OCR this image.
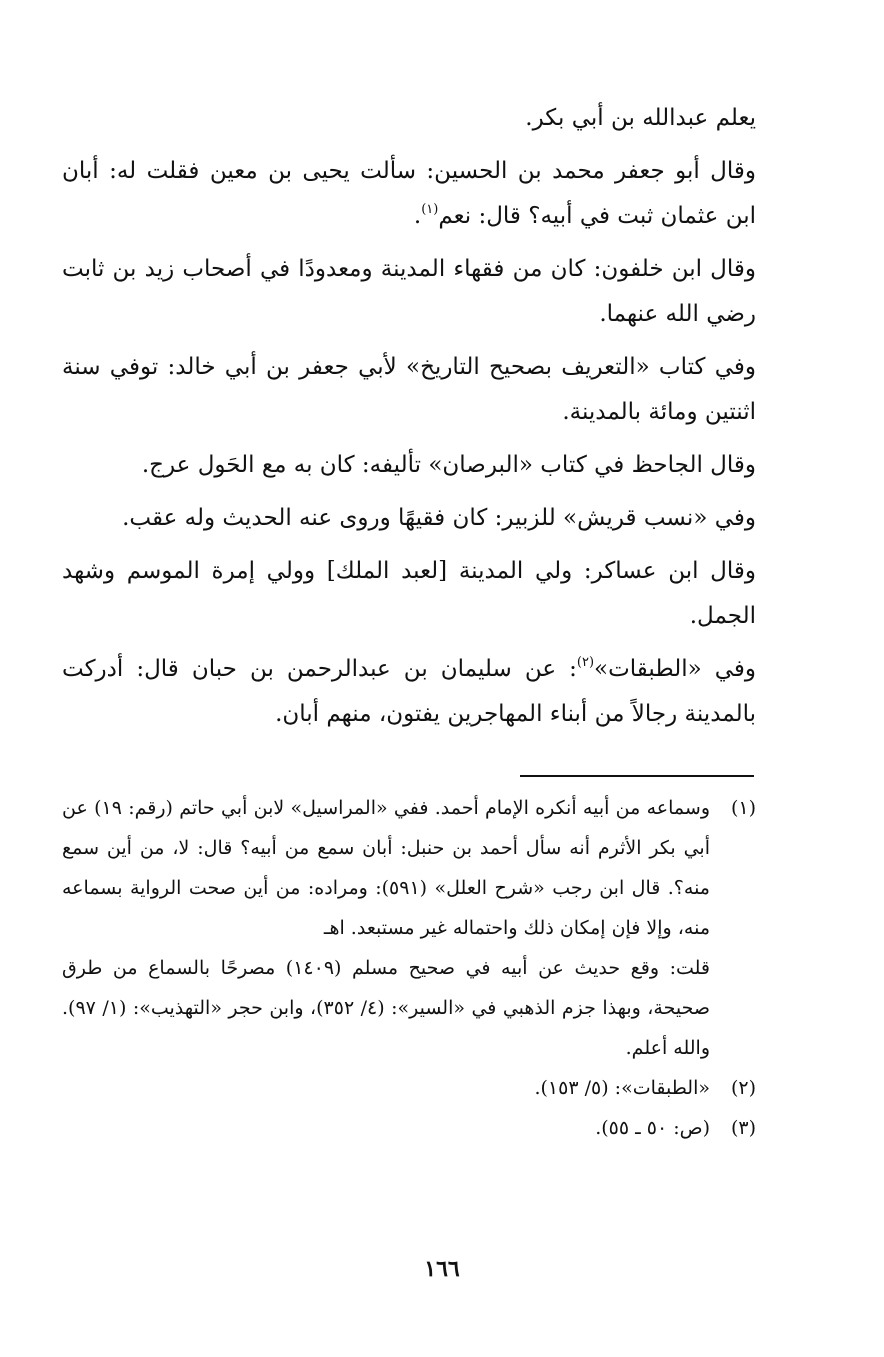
يعلم عبدالله بن أبي بكر.

وقال أبو جعفر محمد بن الحسين: سألت يحيى بن معين فقلت له: أبان ابن عثمان ثبت في أبيه؟ قال: نعم$^{(١)}$.

وقال ابن خلفون: كان من فقهاء المدينة ومعدودًا في أصحاب زيد بن ثابت رضي الله عنهما.

وفي كتاب «التعريف بصحيح التاريخ» لأبي جعفر بن أبي خالد: توفي سنة اثنتين ومائة بالمدينة.

وقال الجاحظ في كتاب «البرصان» تأليفه: كان به مع الحَول عرج.

وفي «نسب قريش» للزبير: كان فقيهًا وروى عنه الحديث وله عقب.

وقال ابن عساكر: ولي المدينة [لعبد الملك] وولي إمرة الموسم وشهد الجمل.

وفي «الطبقات»$^{(٢)}$: عن سليمان بن عبدالرحمن بن حبان قال: أدركت بالمدينة رجالاً من أبناء المهاجرين يفتون، منهم أبان.

(١)
وسماعه من أبيه أنكره الإمام أحمد. ففي «المراسيل» لابن أبي حاتم (رقم: ١٩) عن أبي بكر الأثرم أنه سأل أحمد بن حنبل: أبان سمع من أبيه؟ قال: لا، من أين سمع منه؟. قال ابن رجب «شرح العلل» (٥٩١): ومراده: من أين صحت الرواية بسماعه منه، وإلا فإن إمكان ذلك واحتماله غير مستبعد. اهـ
قلت: وقع حديث عن أبيه في صحيح مسلم (١٤٠٩) مصرحًا بالسماع من طرق صحيحة، وبهذا جزم الذهبي في «السير»: (٤/ ٣٥٢)، وابن حجر «التهذيب»: (١/ ٩٧). والله أعلم.
(٢)
«الطبقات»: (٥/ ١٥٣).
(٣)
(ص: ٥٠ ـ ٥٥).
١٦٦
